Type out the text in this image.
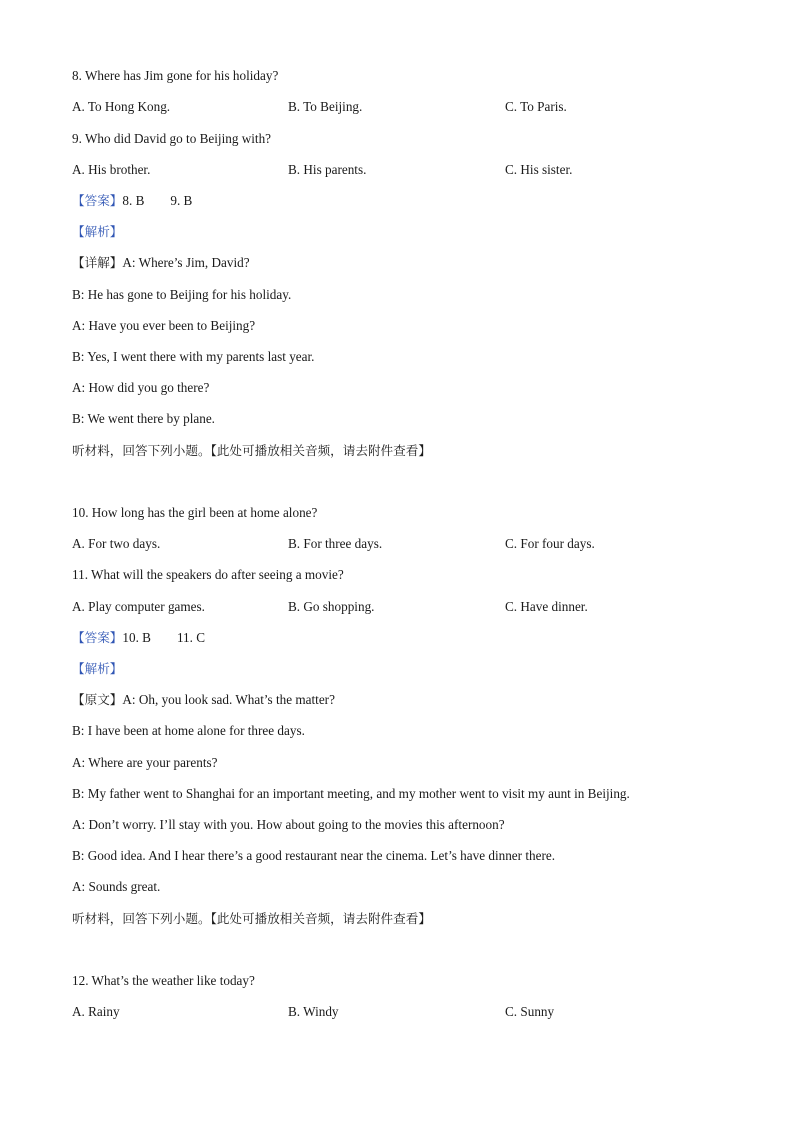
8. Where has Jim gone for his holiday?
A. To Hong Kong.	B. To Beijing.	C. To Paris.
9. Who did David go to Beijing with?
A. His brother.	B. His parents.	C. His sister.
【答案】8. B 9. B
【解析】
【详解】A: Where’s Jim, David?
B: He has gone to Beijing for his holiday.
A: Have you ever been to Beijing?
B: Yes, I went there with my parents last year.
A: How did you go there?
B: We went there by plane.
听材料，回答下列小题。【此处可播放相关音频，请去附件查看】
10. How long has the girl been at home alone?
A. For two days.	B. For three days.	C. For four days.
11. What will the speakers do after seeing a movie?
A. Play computer games.	B. Go shopping.	C. Have dinner.
【答案】10. B 11. C
【解析】
【原文】A: Oh, you look sad. What’s the matter?
B: I have been at home alone for three days.
A: Where are your parents?
B: My father went to Shanghai for an important meeting, and my mother went to visit my aunt in Beijing.
A: Don’t worry. I’ll stay with you. How about going to the movies this afternoon?
B: Good idea. And I hear there’s a good restaurant near the cinema. Let’s have dinner there.
A: Sounds great.
听材料，回答下列小题。【此处可播放相关音频，请去附件查看】
12. What’s the weather like today?
A. Rainy	B. Windy	C. Sunny
